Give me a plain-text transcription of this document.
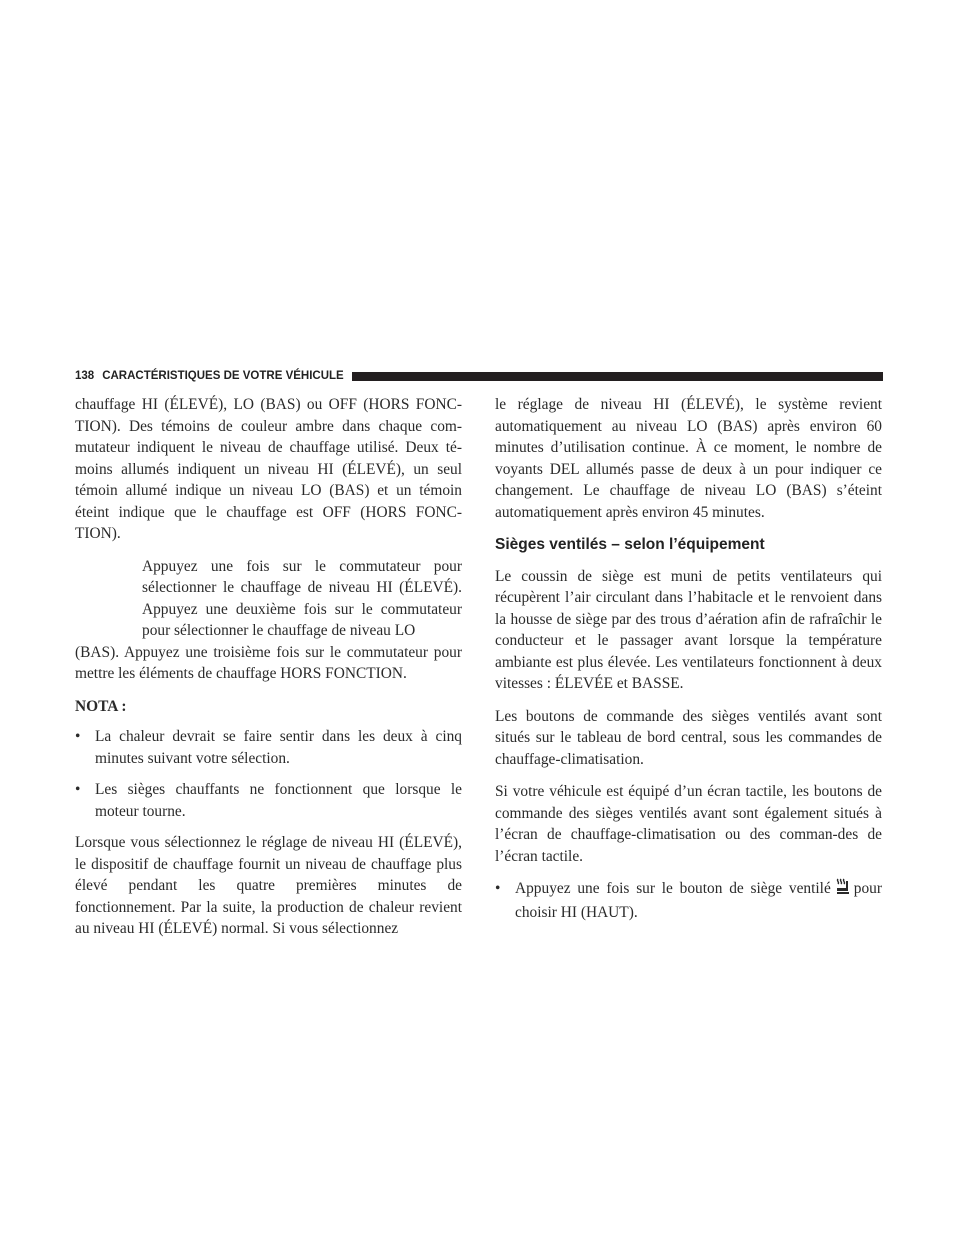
138 CARACTÉRISTIQUES DE VOTRE VÉHICULE

chauffage HI (ÉLEVÉ), LO (BAS) ou OFF (HORS FONC-TION). Des témoins de couleur ambre dans chaque com-mutateur indiquent le niveau de chauffage utilisé. Deux té-moins allumés indiquent un niveau HI (ÉLEVÉ), un seul témoin allumé indique un niveau LO (BAS) et un témoin éteint indique que le chauffage est OFF (HORS FONC-TION).

Appuyez une fois sur le commutateur pour sélectionner le chauffage de niveau HI (ÉLEVÉ). Appuyez une deuxième fois sur le commutateur pour sélectionner le chauffage de niveau LO

(BAS). Appuyez une troisième fois sur le commutateur pour mettre les éléments de chauffage HORS FONCTION.

NOTA :
• La chaleur devrait se faire sentir dans les deux à cinq minutes suivant votre sélection.
• Les sièges chauffants ne fonctionnent que lorsque le moteur tourne.

Lorsque vous sélectionnez le réglage de niveau HI (ÉLEVÉ), le dispositif de chauffage fournit un niveau de chauffage plus élevé pendant les quatre premières minutes de fonctionnement. Par la suite, la production de chaleur revient au niveau HI (ÉLEVÉ) normal. Si vous sélectionnez

le réglage de niveau HI (ÉLEVÉ), le système revient automatiquement au niveau LO (BAS) après environ 60 minutes d’utilisation continue. À ce moment, le nombre de voyants DEL allumés passe de deux à un pour indiquer ce changement. Le chauffage de niveau LO (BAS) s’éteint automatiquement après environ 45 minutes.

Sièges ventilés – selon l’équipement

Le coussin de siège est muni de petits ventilateurs qui récupèrent l’air circulant dans l’habitacle et le renvoient dans la housse de siège par des trous d’aération afin de rafraîchir le conducteur et le passager avant lorsque la température ambiante est plus élevée. Les ventilateurs fonctionnent à deux vitesses : ÉLEVÉE et BASSE.

Les boutons de commande des sièges ventilés avant sont situés sur le tableau de bord central, sous les commandes de chauffage-climatisation.

Si votre véhicule est équipé d’un écran tactile, les boutons de commande des sièges ventilés avant sont également situés à l’écran de chauffage-climatisation ou des comman-des de l’écran tactile.

• Appuyez une fois sur le bouton de siège ventilé pour choisir HI (HAUT).
